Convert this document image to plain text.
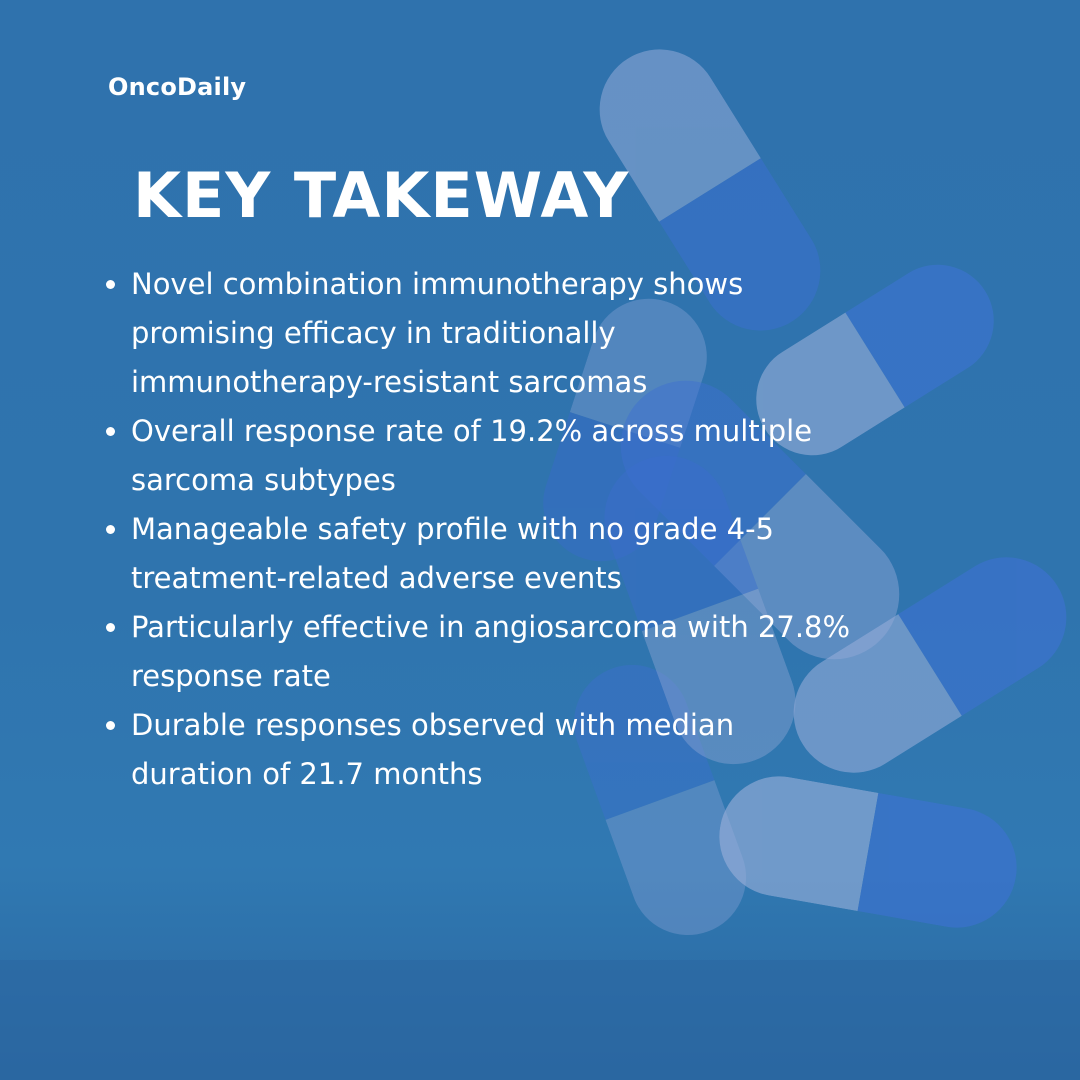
OncoDaily
KEY TAKEWAY
Novel combination immunotherapy shows promising efficacy in traditionally immunotherapy-resistant sarcomas
Overall response rate of 19.2% across multiple sarcoma subtypes
Manageable safety profile with no grade 4-5 treatment-related adverse events
Particularly effective in angiosarcoma with 27.8% response rate
Durable responses observed with median duration of 21.7 months
